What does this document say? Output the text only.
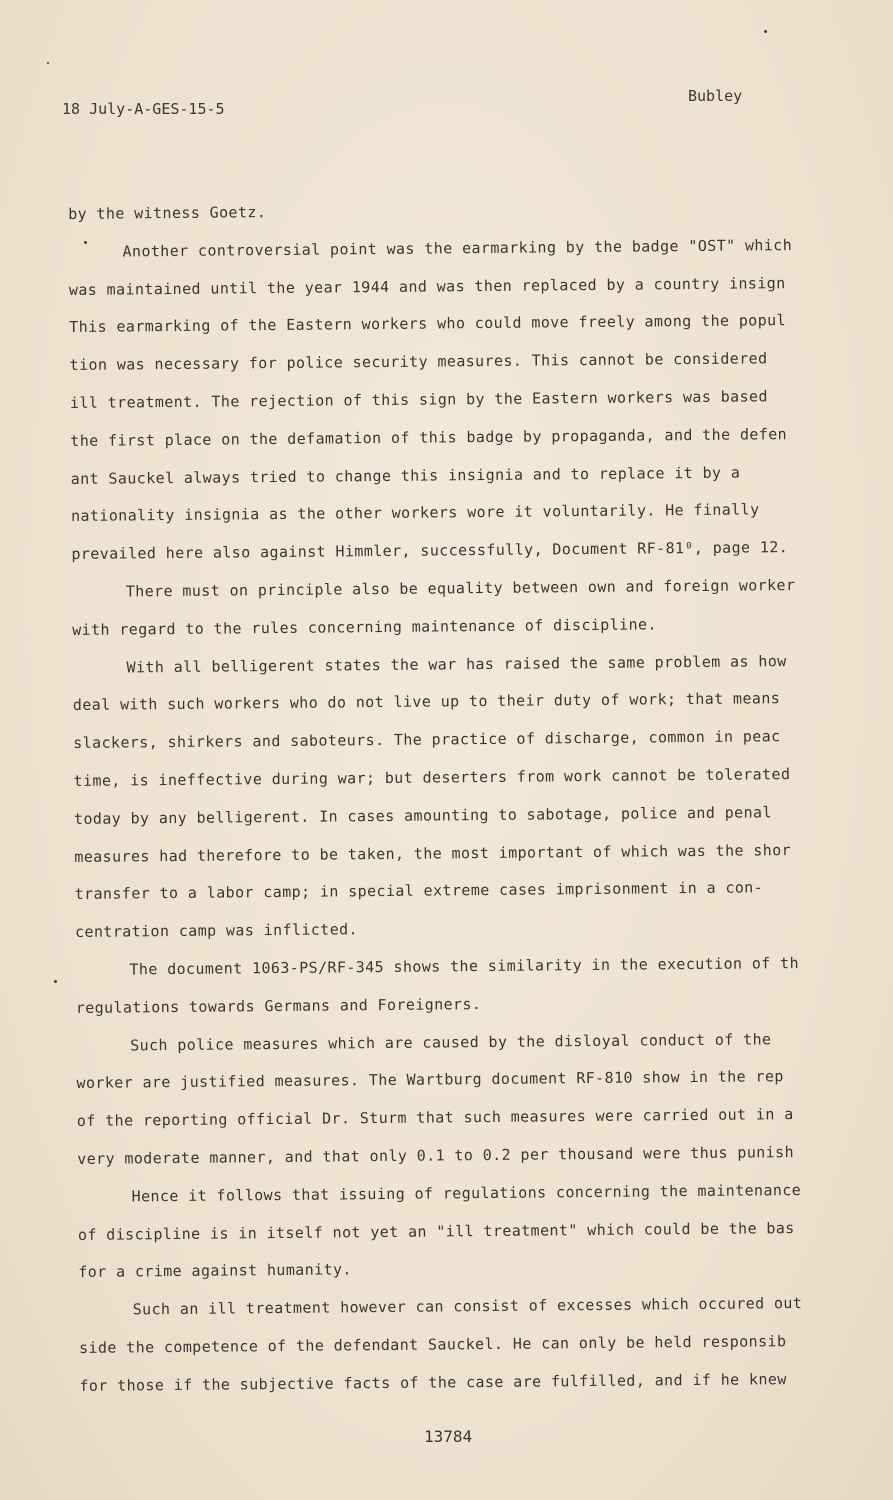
18 July-A-GES-15-5
Bubley
by the witness Goetz.
Another controversial point was the earmarking by the badge "OST" which
was maintained until the year 1944 and was then replaced by a country insign
This earmarking of the Eastern workers who could move freely among the popul
tion was necessary for police security measures. This cannot be considered
ill treatment. The rejection of this sign by the Eastern workers was based
the first place on the defamation of this badge by propaganda, and the defen
ant Sauckel always tried to change this insignia and to replace it by a
nationality insignia as the other workers wore it voluntarily. He finally
prevailed here also against Himmler, successfully, Document RF-81⁰, page 12.
There must on principle also be equality between own and foreign worker
with regard to the rules concerning maintenance of discipline.
With all belligerent states the war has raised the same problem as how
deal with such workers who do not live up to their duty of work; that means
slackers, shirkers and saboteurs. The practice of discharge, common in peac
time, is ineffective during war; but deserters from work cannot be tolerated
today by any belligerent. In cases amounting to sabotage, police and penal
measures had therefore to be taken, the most important of which was the shor
transfer to a labor camp; in special extreme cases imprisonment in a con-
centration camp was inflicted.
The document 1063-PS/RF-345 shows the similarity in the execution of th
regulations towards Germans and Foreigners.
Such police measures which are caused by the disloyal conduct of the
worker are justified measures. The Wartburg document RF-810 show in the rep
of the reporting official Dr. Sturm that such measures were carried out in a
very moderate manner, and that only 0.1 to 0.2 per thousand were thus punish
Hence it follows that issuing of regulations concerning the maintenance
of discipline is in itself not yet an "ill treatment" which could be the bas
for a crime against humanity.
Such an ill treatment however can consist of excesses which occured out
side the competence of the defendant Sauckel. He can only be held responsib
for those if the subjective facts of the case are fulfilled, and if he knew
13784
